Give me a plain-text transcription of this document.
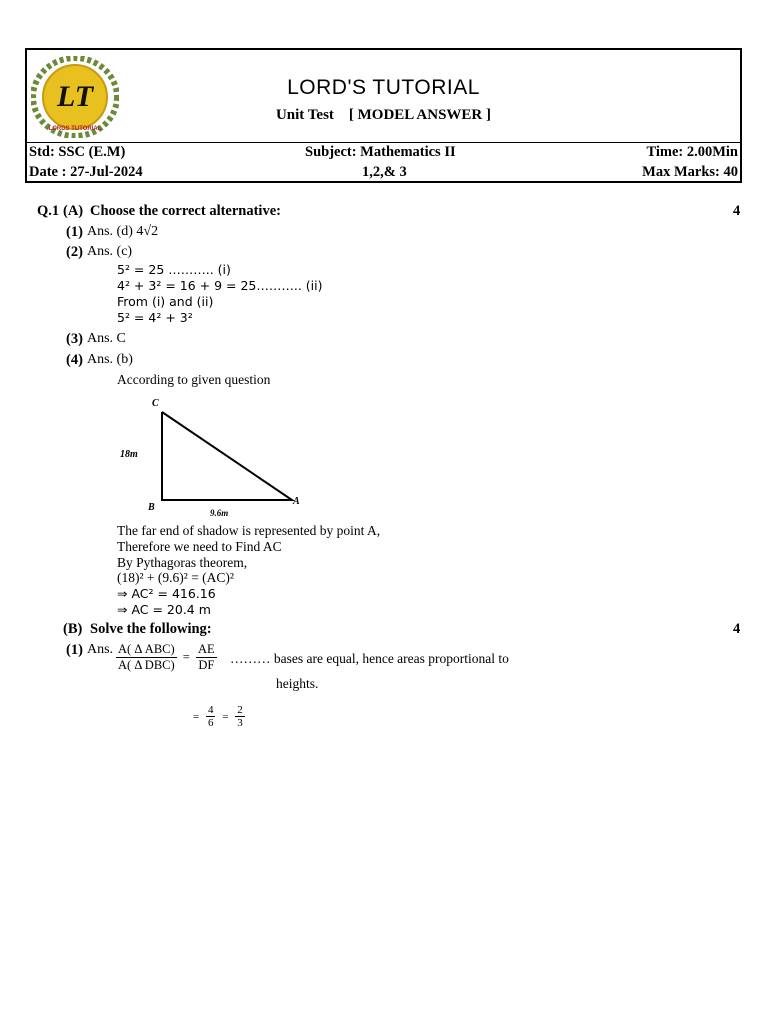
LT
LORDS TUTORIAL
LORD'S TUTORIAL
Unit Test    [ MODEL ANSWER ]
Std: SSC (E.M)	Subject: Mathematics II	Time: 2.00Min
Date : 27-Jul-2024	1,2,& 3	Max Marks: 40
Q.1 (A) Choose the correct alternative:	4
(1) Ans. (d) 4√2
(2) Ans. (c)
5² = 25 ……….. (i)
4² + 3² = 16 + 9 = 25……….. (ii)
From (i) and (ii)
5² = 4² + 3²
(3) Ans. C
(4) Ans. (b)
According to given question
C
B
A
18m
9.6m
The far end of shadow is represented by point A,
Therefore we need to Find AC
By Pythagoras theorem,
(18)² + (9.6)² = (AC)²
⇒ AC² = 416.16
⇒ AC = 20.4 m
(B) Solve the following:	4
(1) Ans. $\frac{\text{A( Δ ABC)}}{\text{A( Δ DBC)}} = \frac{AE}{DF}$ ……… bases are equal, hence areas proportional to
heights.
= $\frac{4}{6} = \frac{2}{3}$
